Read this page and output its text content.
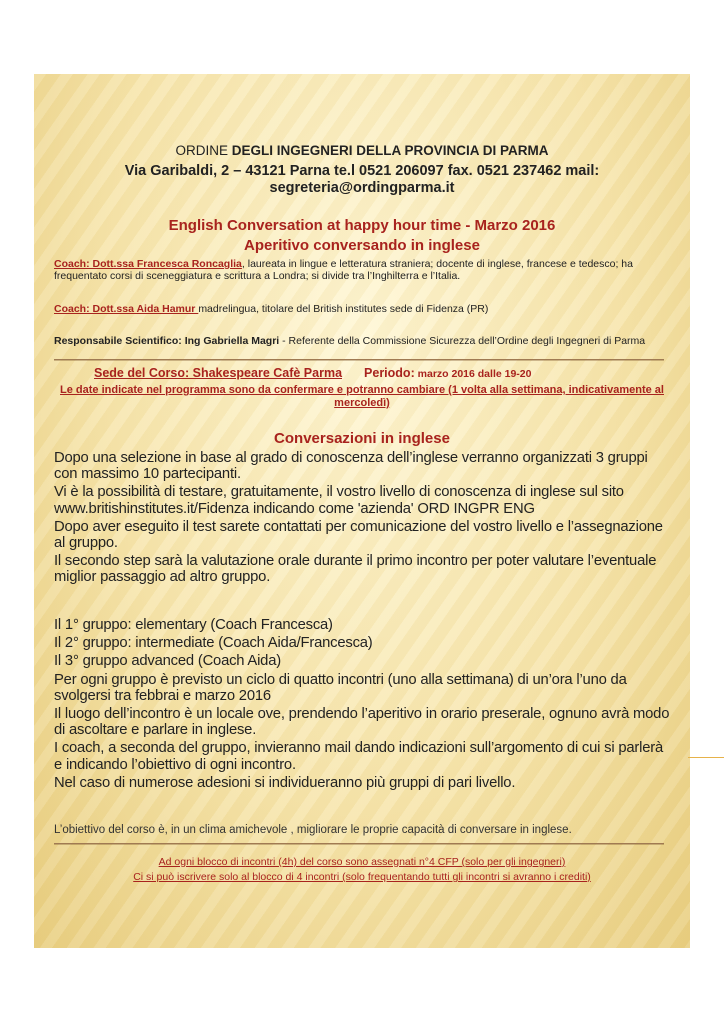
ORDINE DEGLI INGEGNERI DELLA PROVINCIA DI PARMA
Via Garibaldi, 2 – 43121 Parna te.l 0521 206097 fax. 0521 237462 mail:
segreteria@ordingparma.it
English Conversation at happy hour time - Marzo 2016
Aperitivo conversando in inglese
Coach: Dott.ssa Francesca Roncaglia, laureata in lingue e letteratura straniera; docente di inglese, francese e tedesco; ha frequentato corsi di sceneggiatura e scrittura a Londra; si divide tra l’Inghilterra e l’Italia.
Coach: Dott.ssa Aida Hamur madrelingua, titolare del British institutes sede di Fidenza (PR)
Responsabile Scientifico: Ing Gabriella Magri - Referente della Commissione Sicurezza dell’Ordine degli Ingegneri di Parma
Sede del Corso: Shakespeare Cafè Parma Periodo: marzo 2016 dalle 19-20
Le date indicate nel programma sono da confermare e potranno cambiare (1 volta alla settimana, indicativamente al mercoledì)
Conversazioni in inglese
Dopo una selezione in base al grado di conoscenza dell’inglese verranno organizzati 3 gruppi con massimo 10 partecipanti.
Vi è la possibilità di testare, gratuitamente, il vostro livello di conoscenza di inglese sul sito www.britishinstitutes.it/Fidenza indicando come 'azienda' ORD INGPR ENG
Dopo aver eseguito il test sarete contattati per comunicazione del vostro livello e l’assegnazione al gruppo.
Il secondo step sarà la valutazione orale durante il primo incontro per poter valutare l’eventuale miglior passaggio ad altro gruppo.
Il 1° gruppo: elementary (Coach Francesca)
Il 2° gruppo: intermediate (Coach Aida/Francesca)
Il 3° gruppo advanced (Coach Aida)
Per ogni gruppo è previsto un ciclo di quatto incontri (uno alla settimana) di un’ora l’uno da svolgersi tra febbrai e marzo 2016
Il luogo dell’incontro è un locale ove, prendendo l’aperitivo in orario preserale, ognuno avrà modo di ascoltare e parlare in inglese.
I coach, a seconda del gruppo, invieranno mail dando indicazioni sull’argomento di cui si parlerà e indicando l’obiettivo di ogni incontro.
Nel caso di numerose adesioni si individueranno più gruppi di pari livello.
L’obiettivo del corso è, in un clima amichevole , migliorare le proprie capacità di conversare in inglese.
Ad ogni blocco di incontri (4h) del corso sono assegnati n°4 CFP (solo per gli ingegneri)
Ci si può iscrivere solo al blocco di 4 incontri (solo frequentando tutti gli incontri si avranno i crediti)
